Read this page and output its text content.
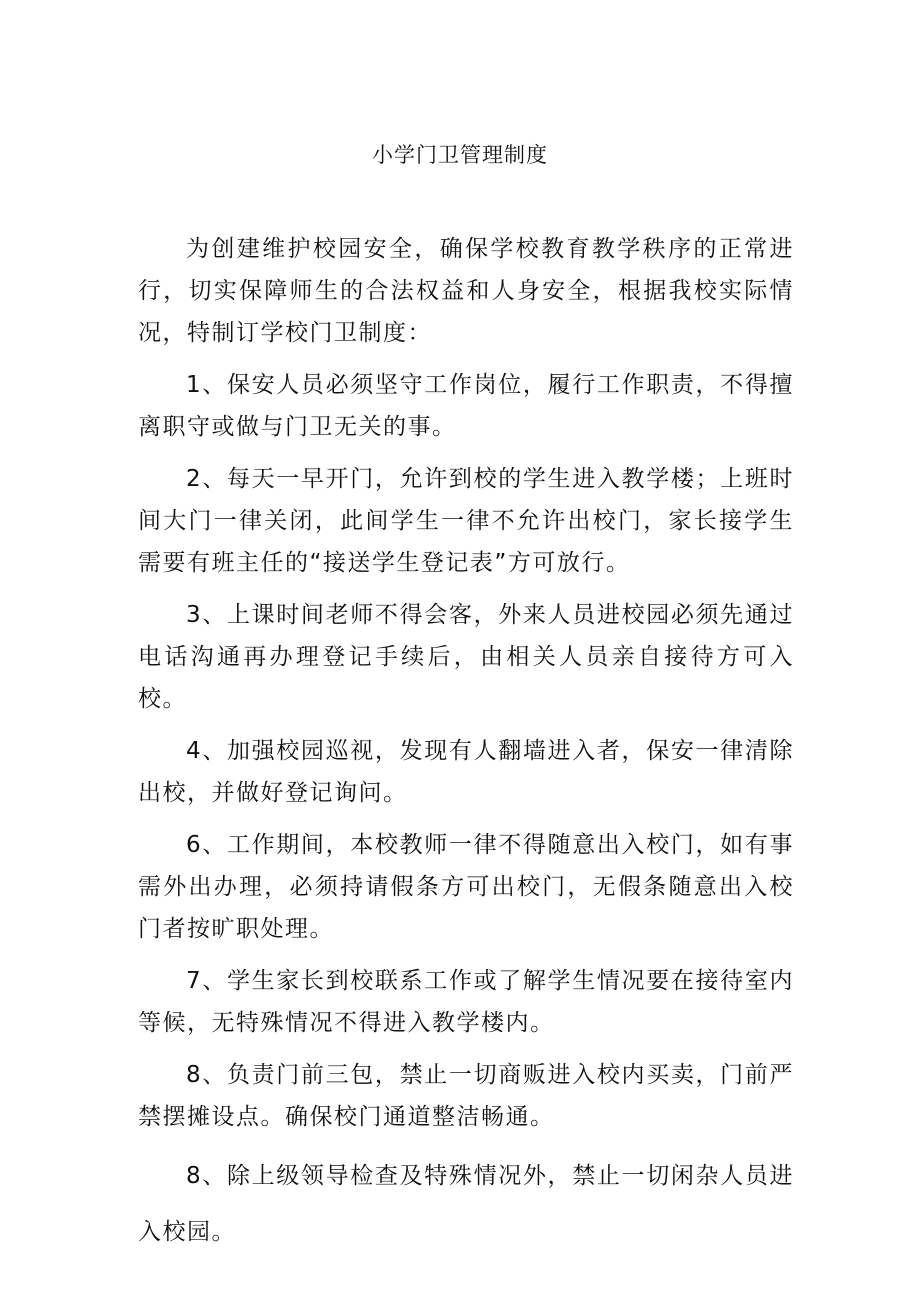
小学门卫管理制度

为创建维护校园安全，确保学校教育教学秩序的正常进行，切实保障师生的合法权益和人身安全，根据我校实际情况，特制订学校门卫制度：

1、保安人员必须坚守工作岗位，履行工作职责，不得擅离职守或做与门卫无关的事。

2、每天一早开门，允许到校的学生进入教学楼；上班时间大门一律关闭，此间学生一律不允许出校门，家长接学生需要有班主任的“接送学生登记表”方可放行。

3、上课时间老师不得会客，外来人员进校园必须先通过电话沟通再办理登记手续后，由相关人员亲自接待方可入校。

4、加强校园巡视，发现有人翻墙进入者，保安一律清除出校，并做好登记询问。

6、工作期间，本校教师一律不得随意出入校门，如有事需外出办理，必须持请假条方可出校门，无假条随意出入校门者按旷职处理。

7、学生家长到校联系工作或了解学生情况要在接待室内等候，无特殊情况不得进入教学楼内。

8、负责门前三包，禁止一切商贩进入校内买卖，门前严禁摆摊设点。确保校门通道整洁畅通。

8、除上级领导检查及特殊情况外，禁止一切闲杂人员进入校园。
